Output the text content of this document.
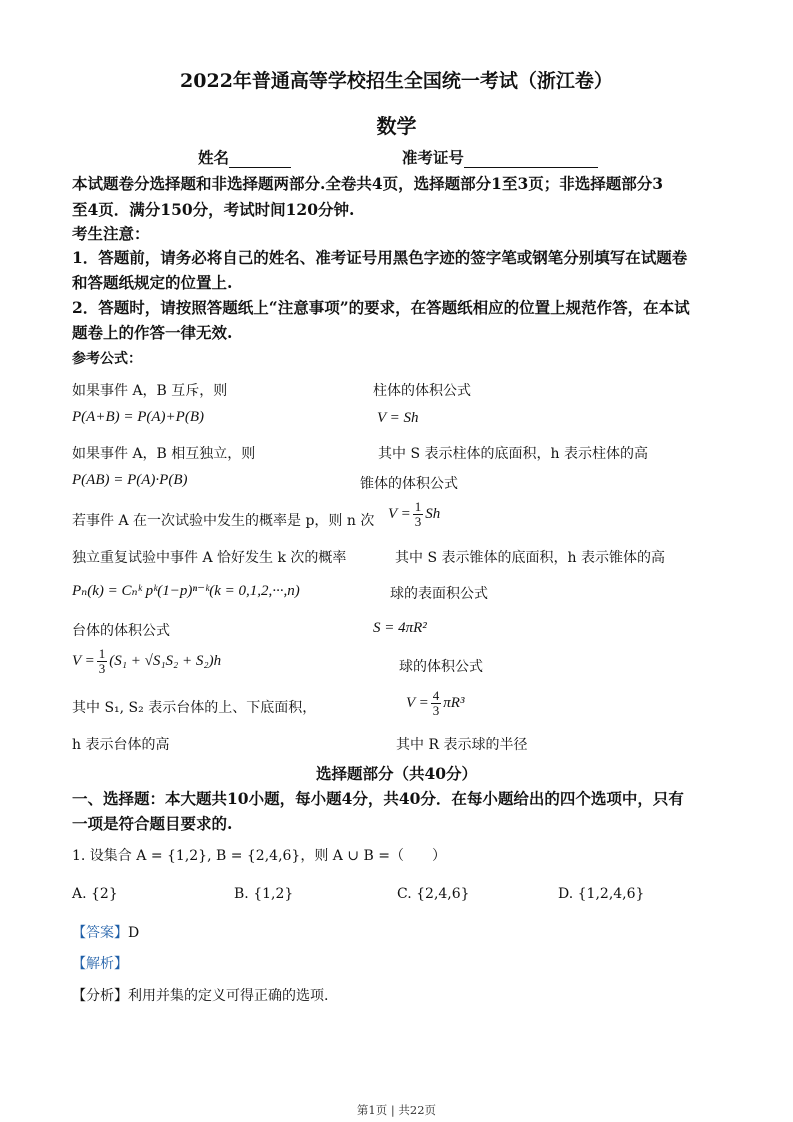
2022年普通高等学校招生全国统一考试（浙江卷）
数学
姓名	准考证号
本试题卷分选择题和非选择题两部分.全卷共4页，选择题部分1至3页；非选择题部分3
至4页．满分150分，考试时间120分钟.
考生注意：
1．答题前，请务必将自己的姓名、准考证号用黑色字迹的签字笔或钢笔分别填写在试题卷
和答题纸规定的位置上.
2．答题时，请按照答题纸上“注意事项”的要求，在答题纸相应的位置上规范作答，在本试
题卷上的作答一律无效.
参考公式：
如果事件 A，B 互斥，则
P(A+B) = P(A)+P(B)
如果事件 A，B 相互独立，则
P(AB) = P(A)·P(B)
若事件 A 在一次试验中发生的概率是 p，则 n 次
独立重复试验中事件 A 恰好发生 k 次的概率
Pₙ(k) = Cₙᵏ pᵏ(1−p)ⁿ⁻ᵏ(k = 0,1,2,···,n)
台体的体积公式
$V = \frac{1}{3} (S_1 + √S_1S_2 + S_2)h$
其中 S₁, S₂ 表示台体的上、下底面积，
h 表示台体的高
柱体的体积公式
V = Sh
其中 S 表示柱体的底面积，h 表示柱体的高
锥体的体积公式
$V = \frac{1}{3}$ Sh
其中 S 表示锥体的底面积，h 表示锥体的高
球的表面积公式
S = 4πR²
球的体积公式
$V = \frac{4}{3} \pi R^3$
其中 R 表示球的半径
选择题部分（共40分）
一、选择题：本大题共10小题，每小题4分，共40分．在每小题给出的四个选项中，只有
一项是符合题目要求的.
1. 设集合 A = {1,2}, B = {2,4,6}，则 A ∪ B =（　　）
A. {2}	B. {1,2}	C. {2,4,6}	D. {1,2,4,6}
【答案】D
【解析】
【分析】利用并集的定义可得正确的选项.
第1页 | 共22页
